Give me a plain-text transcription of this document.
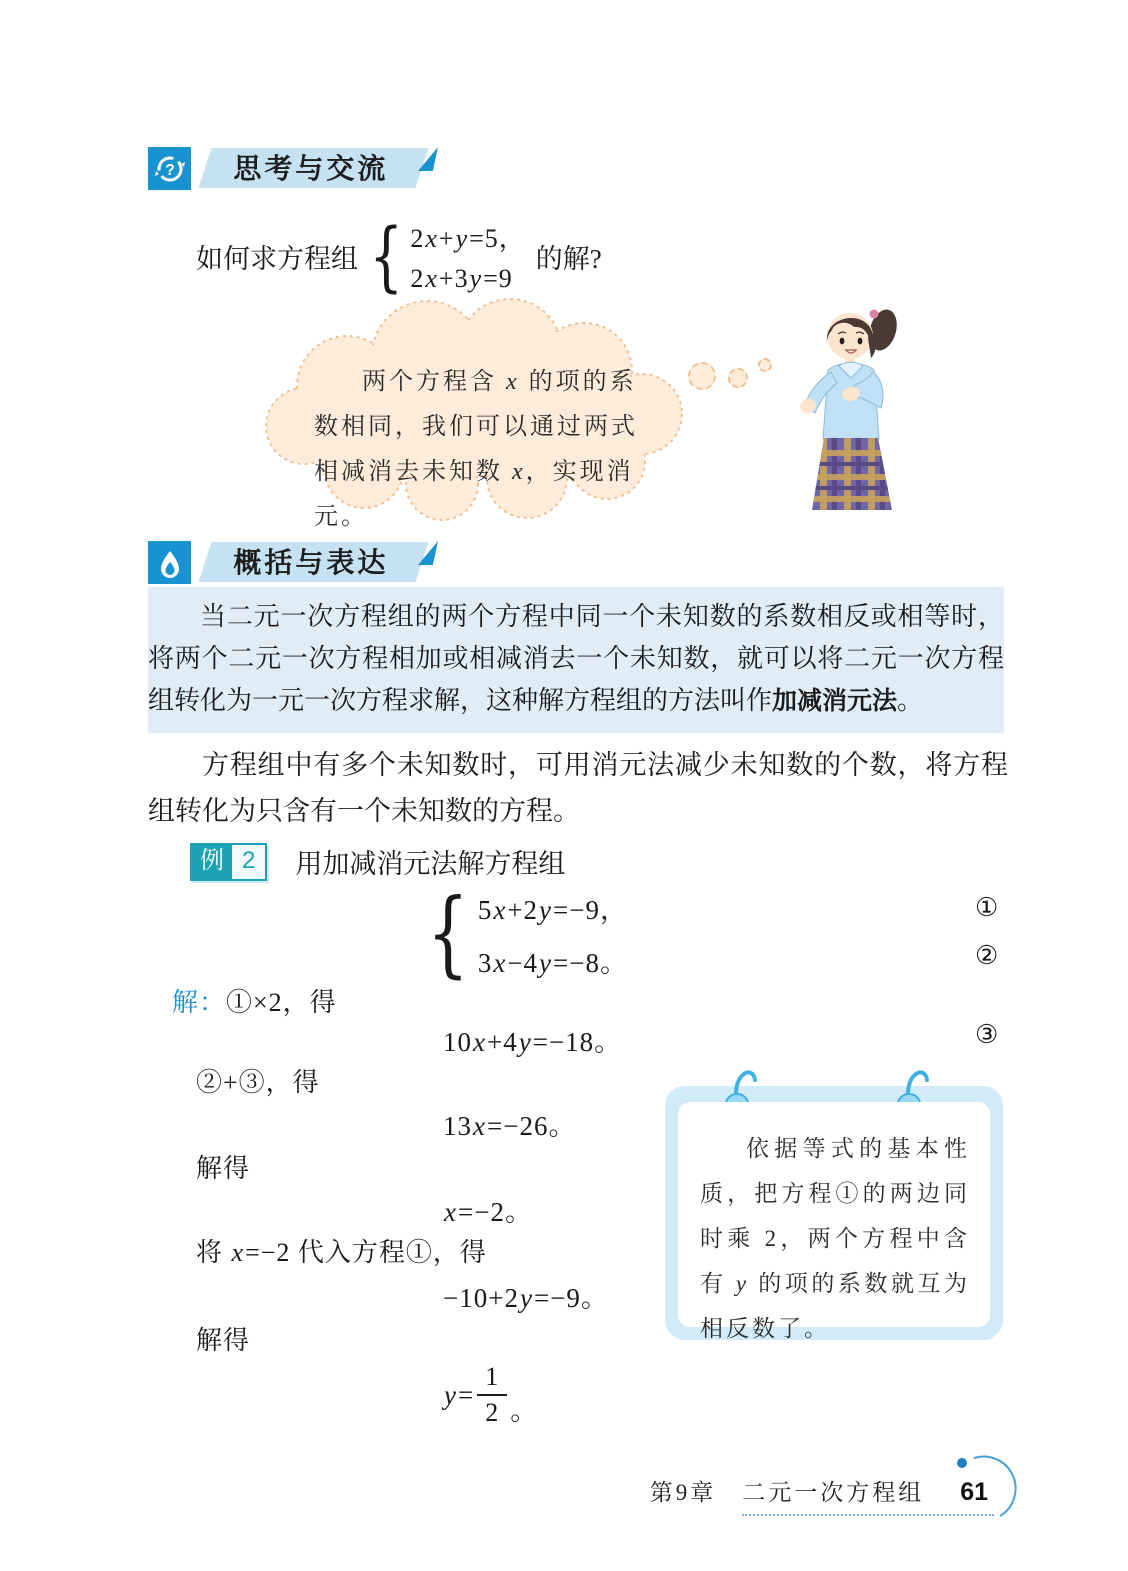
? 思考与交流
如何求方程组 { 2x+y=5，
2x+3y=9
的解?

两个方程含 x 的项的系数相同，我们可以通过两式相减消去未知数 x，实现消元。

概括与表达

当二元一次方程组的两个方程中同一个未知数的系数相反或相等时，将两个二元一次方程相加或相减消去一个未知数，就可以将二元一次方程组转化为一元一次方程求解，这种解方程组的方法叫作加减消元法。

方程组中有多个未知数时，可用消元法减少未知数的个数，将方程组转化为只含有一个未知数的方程。

例 2	用加减消元法解方程组
{ 5x+2y=−9，
3x−4y=−8。
①
②
解：①×2，得
10x+4y=−18。	③
②+③，得
13x=−26。
解得
x=−2。
将 x=−2 代入方程①，得
−10+2y=−9。
解得
$y= \frac{1}{2}$ 。

依据等式的基本性质，把方程①的两边同时乘 2，两个方程中含有 y 的项的系数就互为相反数了。

第9章　二元一次方程组 61
